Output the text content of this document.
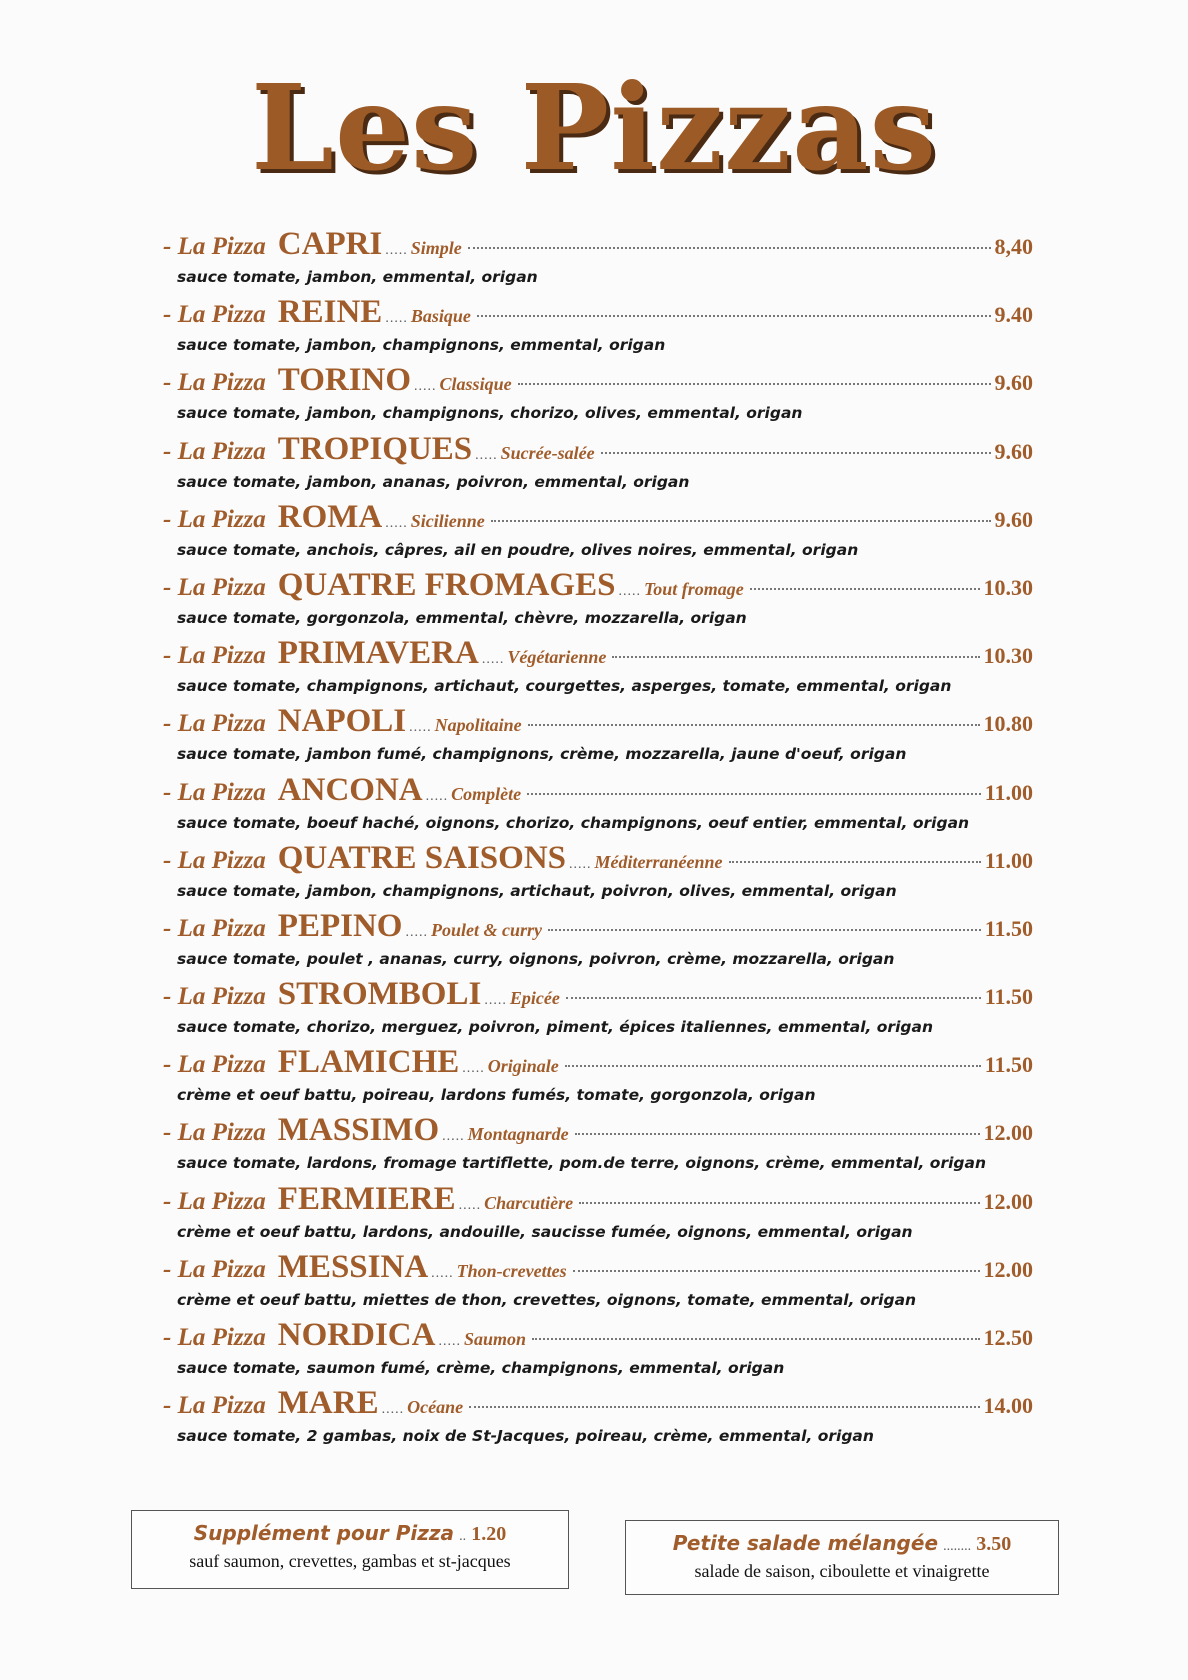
Les Pizzas
- La Pizza CAPRI ..... Simple	8,40
sauce tomate, jambon, emmental, origan
- La Pizza REINE ..... Basique	9.40
sauce tomate, jambon, champignons, emmental, origan
- La Pizza TORINO ..... Classique	9.60
sauce tomate, jambon, champignons, chorizo, olives, emmental, origan
- La Pizza TROPIQUES ..... Sucrée-salée	9.60
sauce tomate, jambon, ananas, poivron, emmental, origan
- La Pizza ROMA ..... Sicilienne	9.60
sauce tomate, anchois, câpres, ail en poudre, olives noires, emmental, origan
- La Pizza QUATRE FROMAGES ..... Tout fromage	10.30
sauce tomate, gorgonzola, emmental, chèvre, mozzarella, origan
- La Pizza PRIMAVERA ..... Végétarienne	10.30
sauce tomate, champignons, artichaut, courgettes, asperges, tomate, emmental, origan
- La Pizza NAPOLI ..... Napolitaine	10.80
sauce tomate, jambon fumé, champignons, crème, mozzarella, jaune d'oeuf, origan
- La Pizza ANCONA ..... Complète	11.00
sauce tomate, boeuf haché, oignons, chorizo, champignons, oeuf entier, emmental, origan
- La Pizza QUATRE SAISONS ..... Méditerranéenne	11.00
sauce tomate, jambon, champignons, artichaut, poivron, olives, emmental, origan
- La Pizza PEPINO ..... Poulet & curry	11.50
sauce tomate, poulet , ananas, curry, oignons, poivron, crème, mozzarella, origan
- La Pizza STROMBOLI ..... Epicée	11.50
sauce tomate, chorizo, merguez, poivron, piment, épices italiennes, emmental, origan
- La Pizza FLAMICHE ..... Originale	11.50
crème et oeuf battu, poireau, lardons fumés, tomate, gorgonzola, origan
- La Pizza MASSIMO ..... Montagnarde	12.00
sauce tomate, lardons, fromage tartiflette, pom.de terre, oignons, crème, emmental, origan
- La Pizza FERMIERE ..... Charcutière	12.00
crème et oeuf battu, lardons, andouille, saucisse fumée, oignons, emmental, origan
- La Pizza MESSINA ..... Thon-crevettes	12.00
crème et oeuf battu, miettes de thon, crevettes, oignons, tomate, emmental, origan
- La Pizza NORDICA ..... Saumon	12.50
sauce tomate, saumon fumé, crème, champignons, emmental, origan
- La Pizza MARE ..... Océane	14.00
sauce tomate, 2 gambas, noix de St-Jacques, poireau, crème, emmental, origan
Supplément pour Pizza .. 1.20
sauf saumon, crevettes, gambas et st-jacques
Petite salade mélangée ........ 3.50
salade de saison, ciboulette et vinaigrette
